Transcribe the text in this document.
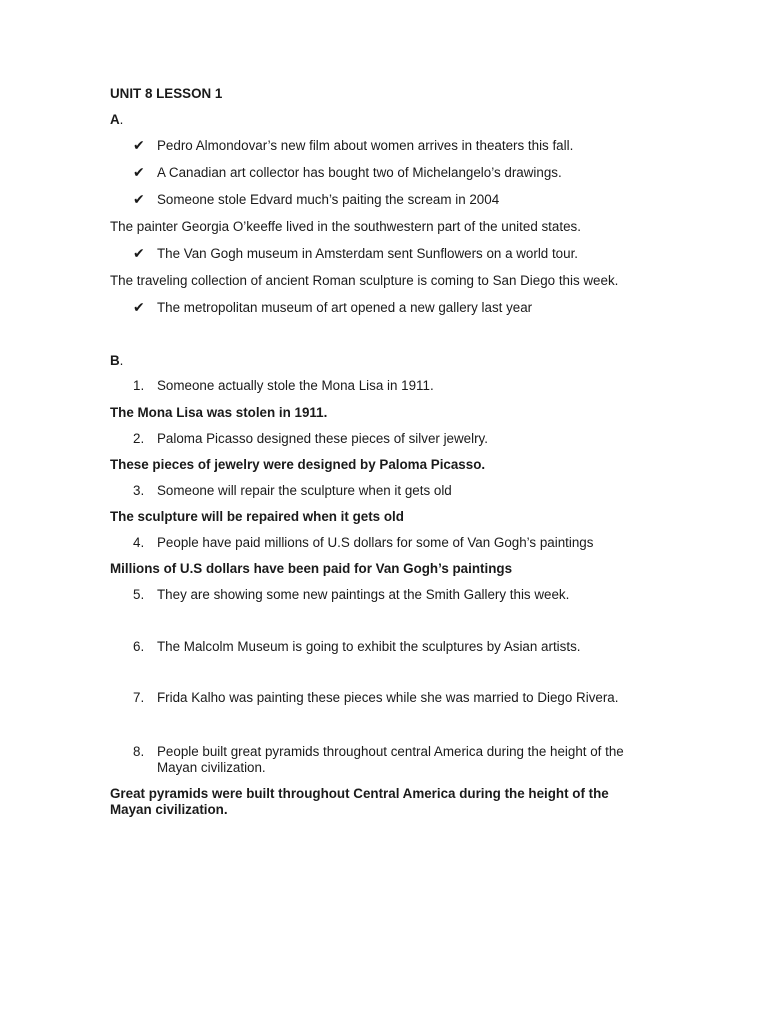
UNIT 8 LESSON 1
A.
✔ Pedro Almondovar’s new film about women arrives in theaters this fall.
✔ A Canadian art collector has bought two of Michelangelo’s drawings.
✔ Someone stole Edvard much’s paiting the scream in 2004
The painter Georgia O’keeffe lived in the southwestern part of the united states.
✔ The Van Gogh museum in Amsterdam sent Sunflowers on a world tour.
The traveling collection of ancient Roman sculpture is coming to San Diego this week.
✔ The metropolitan museum of art opened a new gallery last year
B.
1. Someone actually stole the Mona Lisa in 1911.
The Mona Lisa was stolen in 1911.
2. Paloma Picasso designed these pieces of silver jewelry.
These pieces of jewelry were designed by Paloma Picasso.
3. Someone will repair the sculpture when it gets old
The sculpture will be repaired when it gets old
4. People have paid millions of U.S dollars for some of Van Gogh’s paintings
Millions of U.S dollars have been paid for Van Gogh’s paintings
5. They are showing some new paintings at the Smith Gallery this week.
6. The Malcolm Museum is going to exhibit the sculptures by Asian artists.
7. Frida Kalho was painting these pieces while she was married to Diego Rivera.
8. People built great pyramids throughout central America during the height of the Mayan civilization.
Great pyramids were built throughout Central America during the height of the Mayan civilization.
